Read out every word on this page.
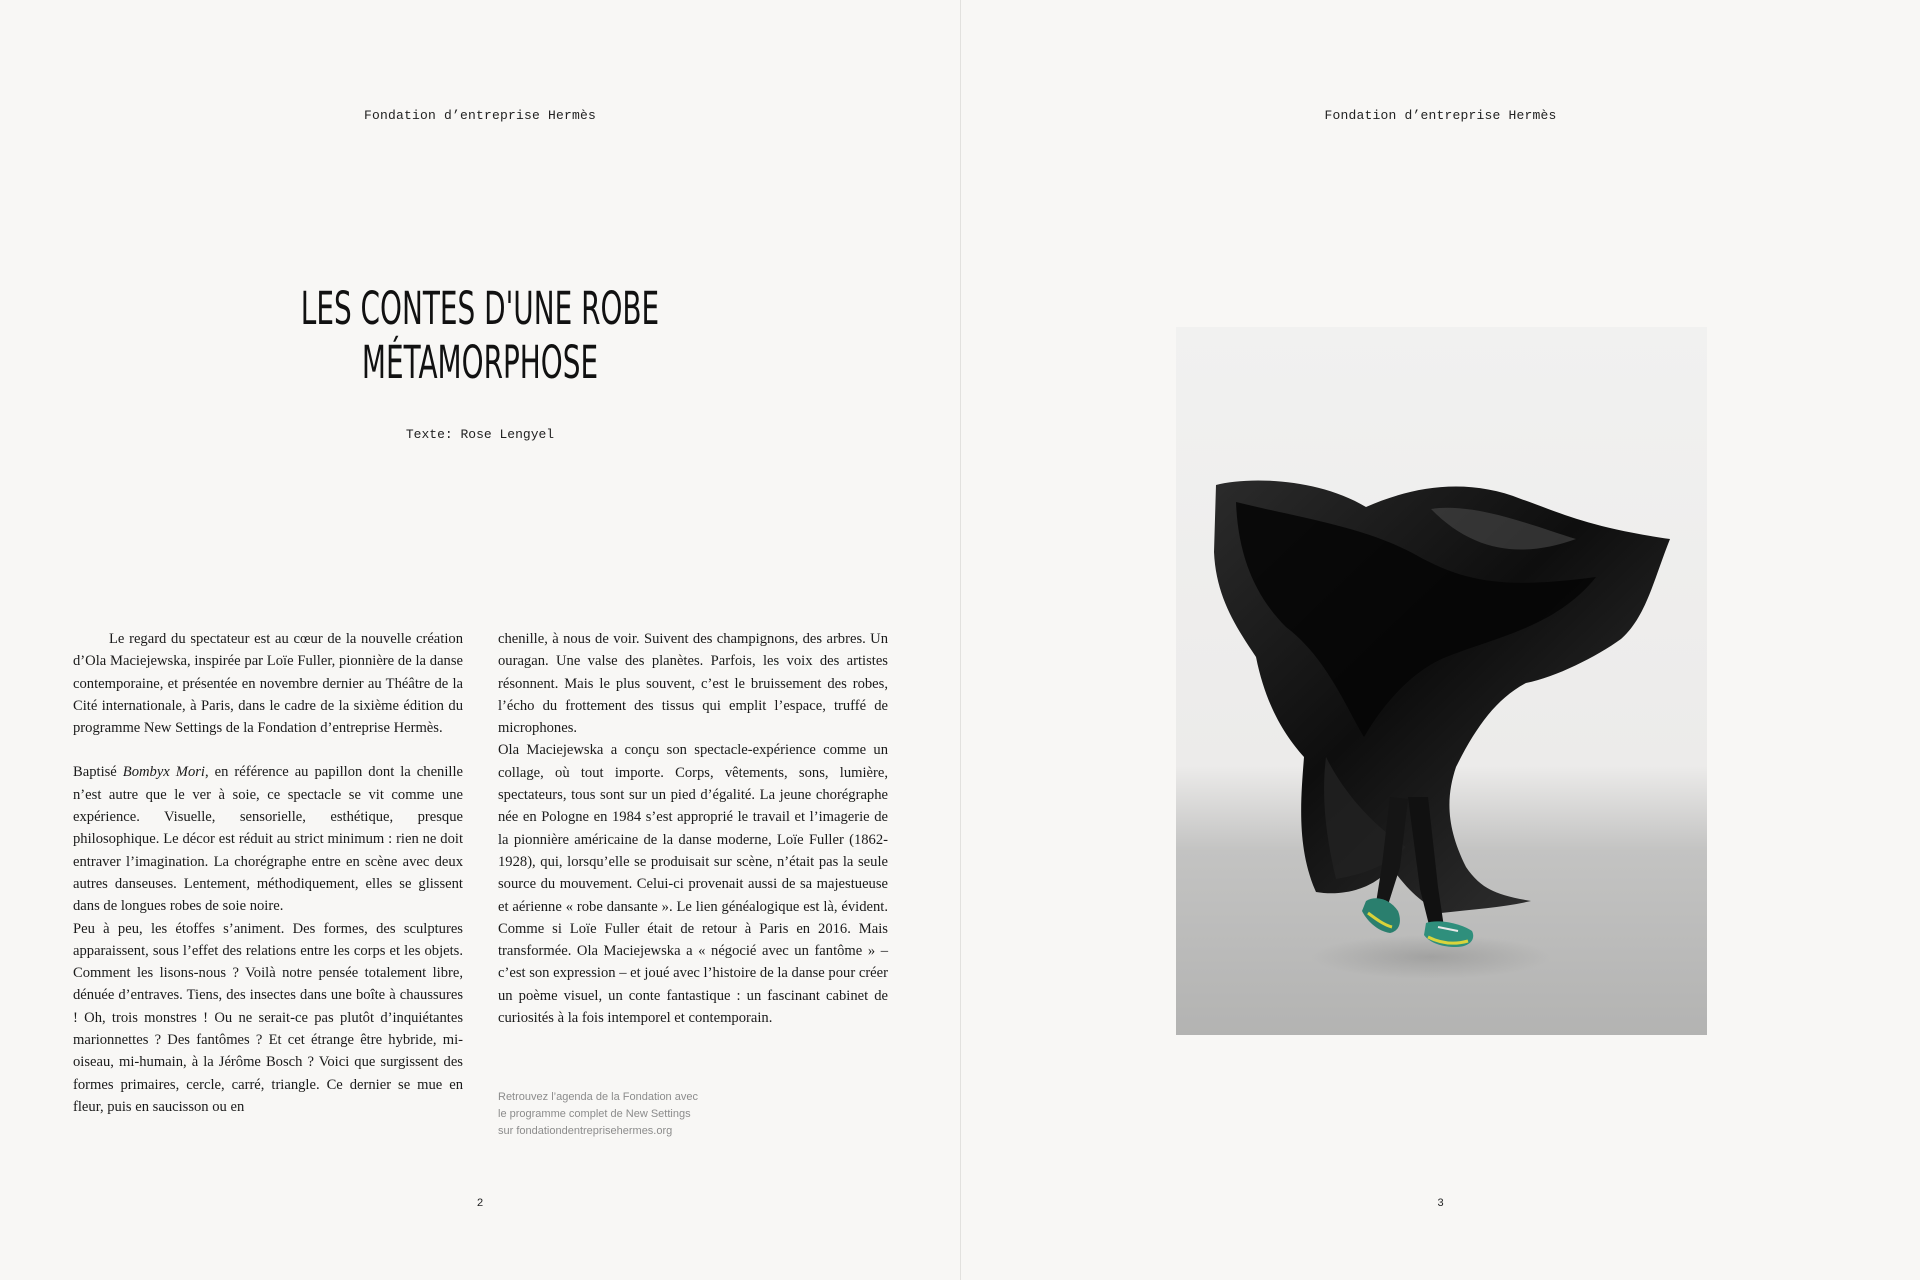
Fondation d’entreprise Hermès
LES CONTES D'UNE ROBE
MÉTAMORPHOSE
Texte: Rose Lengyel

Le regard du spectateur est au cœur de la nouvelle création d’Ola Maciejewska, inspirée par Loïe Fuller, pionnière de la danse contemporaine, et présentée en novembre dernier au Théâtre de la Cité internationale, à Paris, dans le cadre de la sixième édition du programme New Settings de la Fondation d’entreprise Hermès.

Baptisé Bombyx Mori, en référence au papillon dont la chenille n’est autre que le ver à soie, ce spectacle se vit comme une expérience. Visuelle, sensorielle, esthétique, presque philosophique. Le décor est réduit au strict minimum : rien ne doit entraver l’imagination. La chorégraphe entre en scène avec deux autres danseuses. Lentement, méthodiquement, elles se glissent dans de longues robes de soie noire.

Peu à peu, les étoffes s’animent. Des formes, des sculptures apparaissent, sous l’effet des relations entre les corps et les objets. Comment les lisons-nous ? Voilà notre pensée totalement libre, dénuée d’entraves. Tiens, des insectes dans une boîte à chaussures ! Oh, trois monstres ! Ou ne serait-ce pas plutôt d’inquiétantes marionnettes ? Des fantômes ? Et cet étrange être hybride, mi-oiseau, mi-humain, à la Jérôme Bosch ? Voici que surgissent des formes primaires, cercle, carré, triangle. Ce dernier se mue en fleur, puis en saucisson ou en

chenille, à nous de voir. Suivent des champignons, des arbres. Un ouragan. Une valse des planètes. Parfois, les voix des artistes résonnent. Mais le plus souvent, c’est le bruissement des robes, l’écho du frottement des tissus qui emplit l’espace, truffé de microphones.

Ola Maciejewska a conçu son spectacle-expérience comme un collage, où tout importe. Corps, vêtements, sons, lumière, spectateurs, tous sont sur un pied d’égalité. La jeune chorégraphe née en Pologne en 1984 s’est approprié le travail et l’imagerie de la pionnière américaine de la danse moderne, Loïe Fuller (1862-1928), qui, lorsqu’elle se produisait sur scène, n’était pas la seule source du mouvement. Celui-ci provenait aussi de sa majestueuse et aérienne « robe dansante ». Le lien généalogique est là, évident. Comme si Loïe Fuller était de retour à Paris en 2016. Mais transformée. Ola Maciejewska a « négocié avec un fantôme » – c’est son expression – et joué avec l’histoire de la danse pour créer un poème visuel, un conte fantastique : un fascinant cabinet de curiosités à la fois intemporel et contemporain.

Retrouvez l’agenda de la Fondation avec
le programme complet de New Settings
sur fondationdentreprisehermes.org
2
Fondation d’entreprise Hermès
3
